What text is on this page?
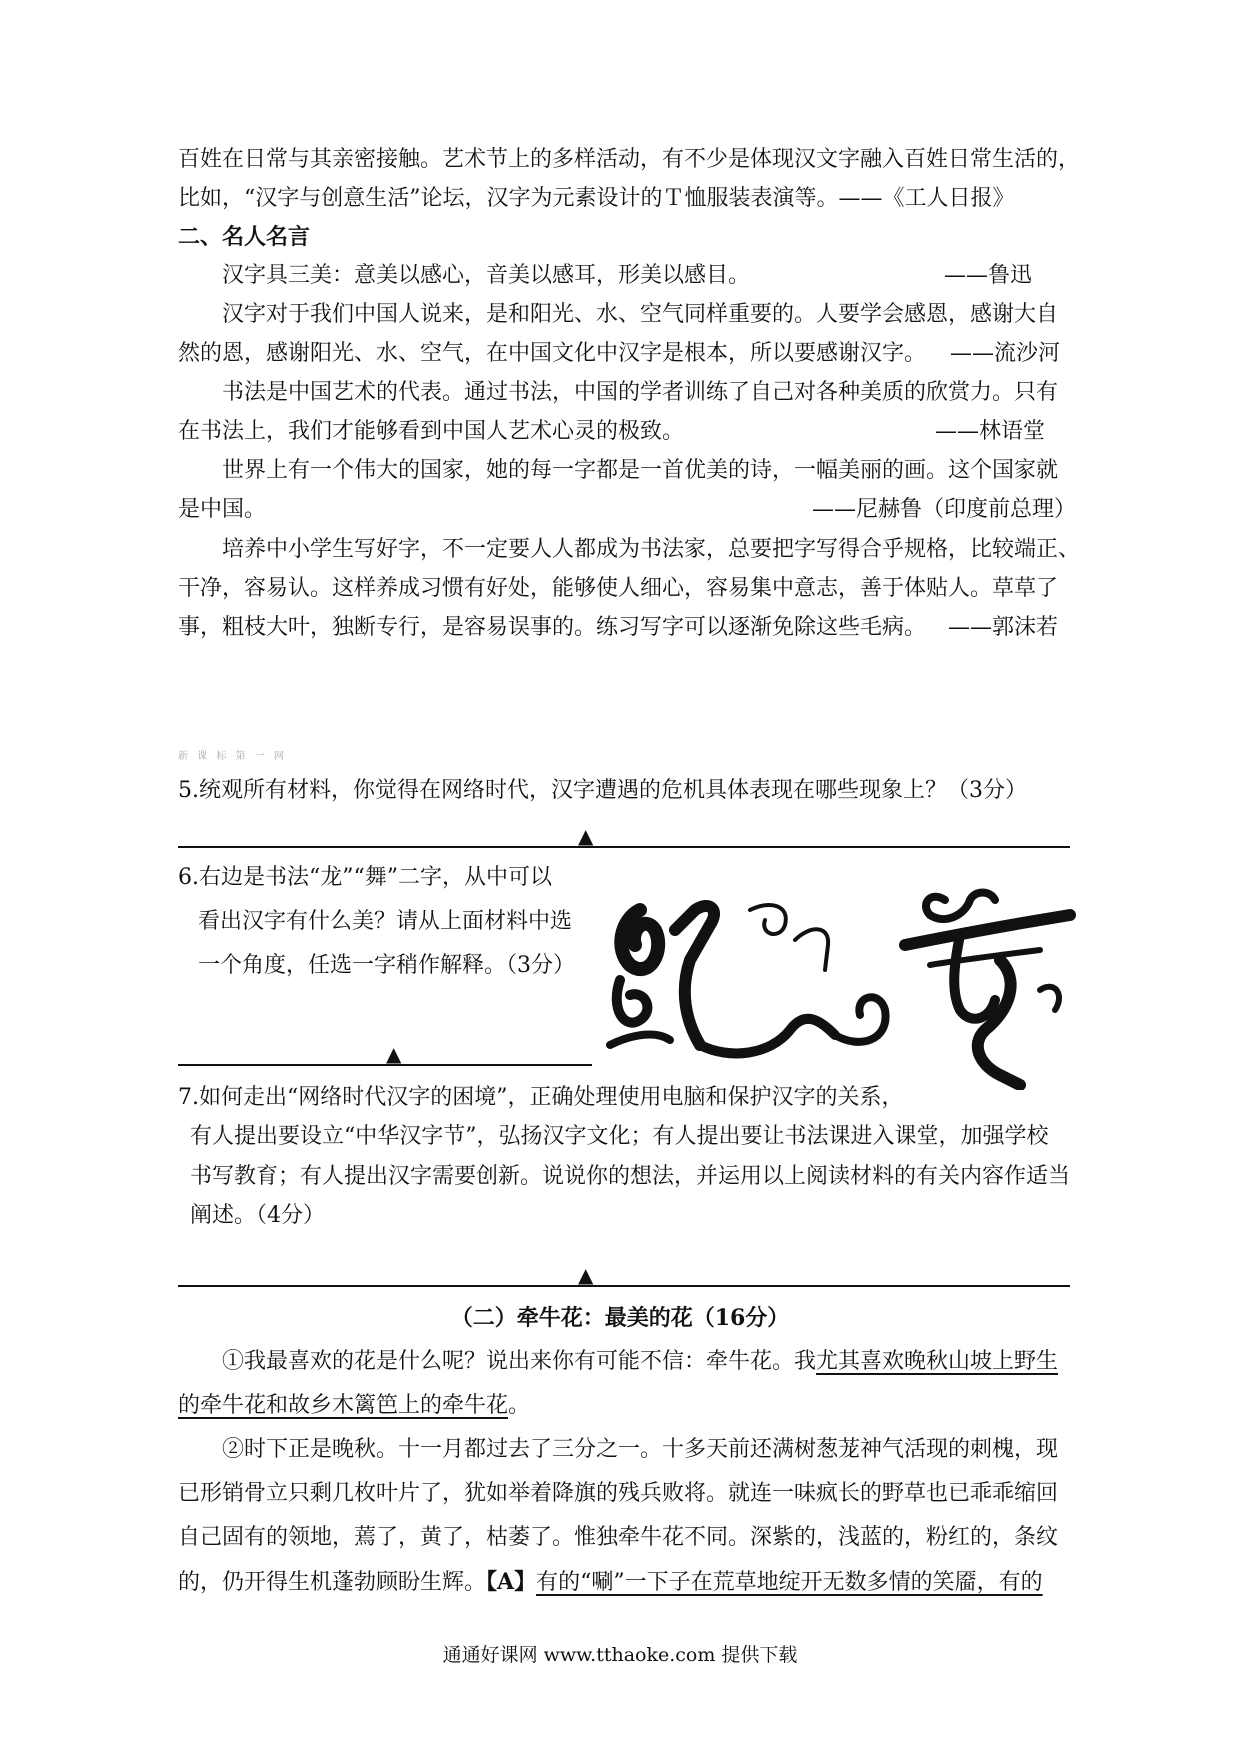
百姓在日常与其亲密接触。艺术节上的多样活动，有不少是体现汉文字融入百姓日常生活的，
比如，“汉字与创意生活”论坛，汉字为元素设计的Ｔ恤服装表演等。——《工人日报》
二、名人名言
汉字具三美：意美以感心，音美以感耳，形美以感目。	——鲁迅
汉字对于我们中国人说来，是和阳光、水、空气同样重要的。人要学会感恩，感谢大自
然的恩，感谢阳光、水、空气，在中国文化中汉字是根本，所以要感谢汉字。	——流沙河
书法是中国艺术的代表。通过书法，中国的学者训练了自己对各种美质的欣赏力。只有
在书法上，我们才能够看到中国人艺术心灵的极致。	——林语堂
世界上有一个伟大的国家，她的每一字都是一首优美的诗，一幅美丽的画。这个国家就
是中国。	——尼赫鲁（印度前总理）
培养中小学生写好字，不一定要人人都成为书法家，总要把字写得合乎规格，比较端正、
干净，容易认。这样养成习惯有好处，能够使人细心，容易集中意志，善于体贴人。草草了
事，粗枝大叶，独断专行，是容易误事的。练习写字可以逐渐免除这些毛病。 ——郭沫若
新 课 标 第 一 网
5.统观所有材料，你觉得在网络时代，汉字遭遇的危机具体表现在哪些现象上？（3分）
▲
6.右边是书法“龙”“舞”二字，从中可以
看出汉字有什么美？请从上面材料中选
一个角度，任选一字稍作解释。（3分）
▲
7.如何走出“网络时代汉字的困境”，正确处理使用电脑和保护汉字的关系，
有人提出要设立“中华汉字节”，弘扬汉字文化；有人提出要让书法课进入课堂，加强学校
书写教育；有人提出汉字需要创新。说说你的想法，并运用以上阅读材料的有关内容作适当
阐述。（4分）
▲
（二）牵牛花：最美的花（16分）
①我最喜欢的花是什么呢？说出来你有可能不信：牵牛花。我尤其喜欢晚秋山坡上野生
的牵牛花和故乡木篱笆上的牵牛花。
②时下正是晚秋。十一月都过去了三分之一。十多天前还满树葱茏神气活现的刺槐，现
已形销骨立只剩几枚叶片了，犹如举着降旗的残兵败将。就连一味疯长的野草也已乖乖缩回
自己固有的领地，蔫了，黄了，枯萎了。惟独牵牛花不同。深紫的，浅蓝的，粉红的，条纹
的，仍开得生机蓬勃顾盼生辉。【A】有的“唰”一下子在荒草地绽开无数多情的笑靥，有的
通通好课网 www.tthaoke.com 提供下载
